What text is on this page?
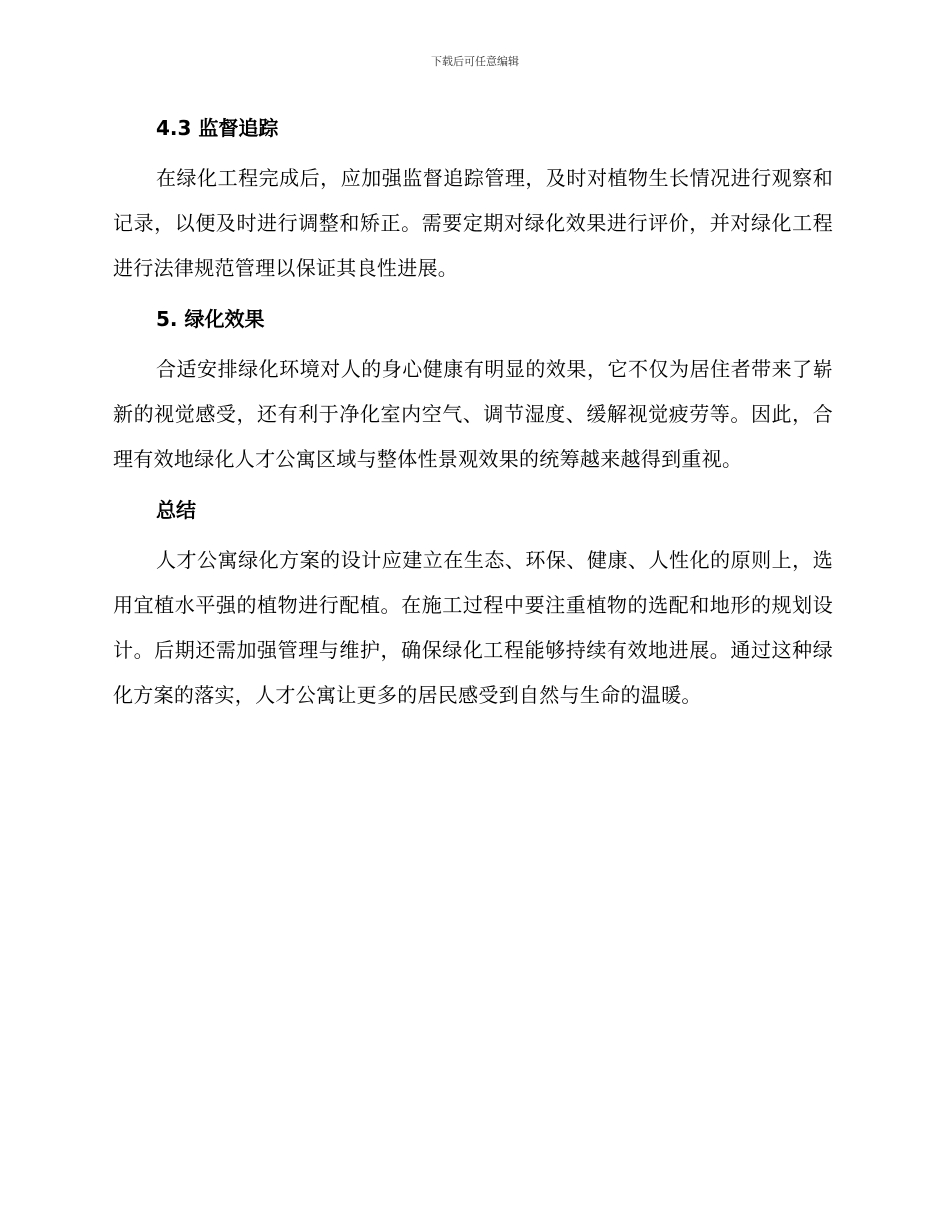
下载后可任意编辑
4.3 监督追踪

在绿化工程完成后，应加强监督追踪管理，及时对植物生长情况进行观察和记录，以便及时进行调整和矫正。需要定期对绿化效果进行评价，并对绿化工程进行法律规范管理以保证其良性进展。

5. 绿化效果

合适安排绿化环境对人的身心健康有明显的效果，它不仅为居住者带来了崭新的视觉感受，还有利于净化室内空气、调节湿度、缓解视觉疲劳等。因此，合理有效地绿化人才公寓区域与整体性景观效果的统筹越来越得到重视。

总结

人才公寓绿化方案的设计应建立在生态、环保、健康、人性化的原则上，选用宜植水平强的植物进行配植。在施工过程中要注重植物的选配和地形的规划设计。后期还需加强管理与维护，确保绿化工程能够持续有效地进展。通过这种绿化方案的落实，人才公寓让更多的居民感受到自然与生命的温暖。
